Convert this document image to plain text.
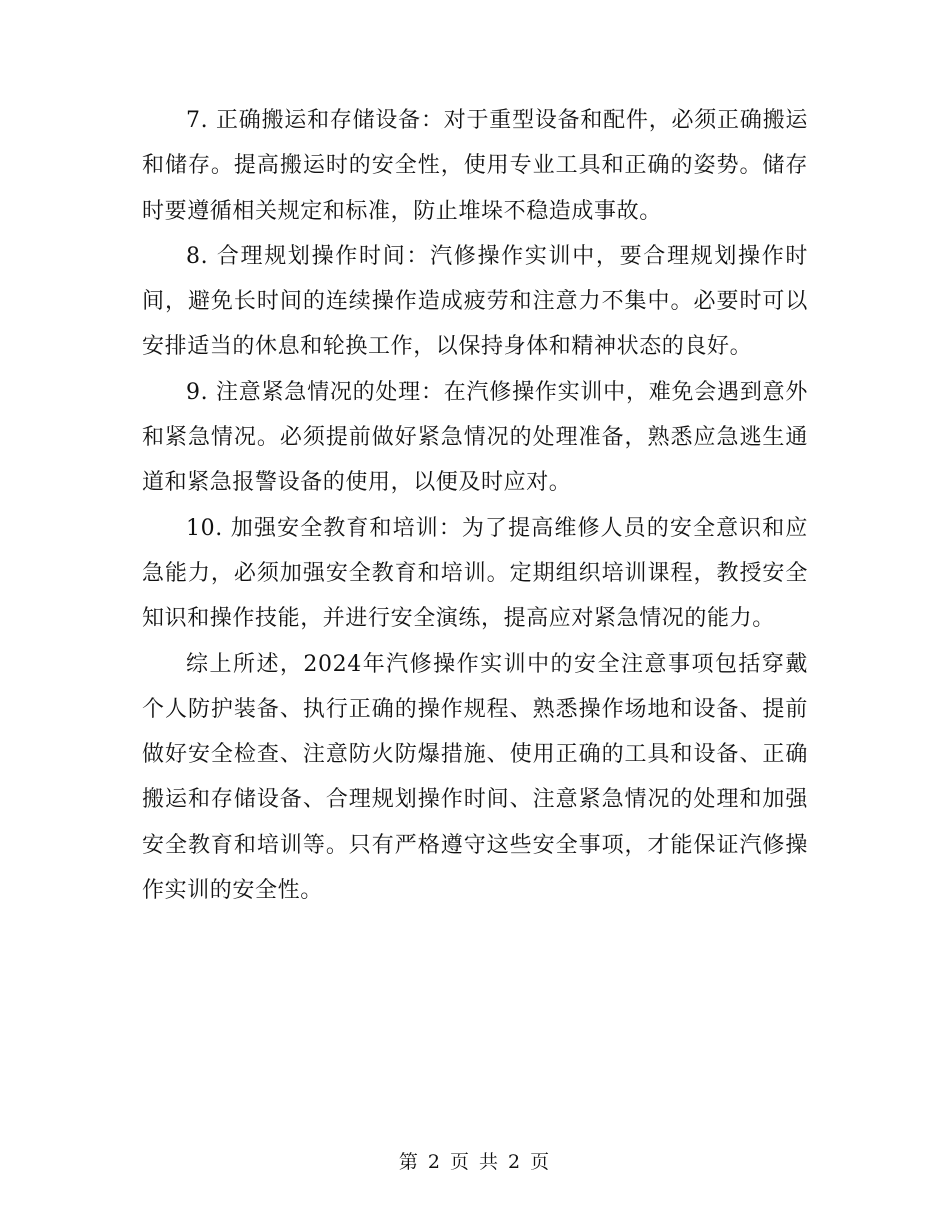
7. 正确搬运和存储设备：对于重型设备和配件，必须正确搬运和储存。提高搬运时的安全性，使用专业工具和正确的姿势。储存时要遵循相关规定和标准，防止堆垛不稳造成事故。

8. 合理规划操作时间：汽修操作实训中，要合理规划操作时间，避免长时间的连续操作造成疲劳和注意力不集中。必要时可以安排适当的休息和轮换工作，以保持身体和精神状态的良好。

9. 注意紧急情况的处理：在汽修操作实训中，难免会遇到意外和紧急情况。必须提前做好紧急情况的处理准备，熟悉应急逃生通道和紧急报警设备的使用，以便及时应对。

10. 加强安全教育和培训：为了提高维修人员的安全意识和应急能力，必须加强安全教育和培训。定期组织培训课程，教授安全知识和操作技能，并进行安全演练，提高应对紧急情况的能力。

综上所述，2024年汽修操作实训中的安全注意事项包括穿戴个人防护装备、执行正确的操作规程、熟悉操作场地和设备、提前做好安全检查、注意防火防爆措施、使用正确的工具和设备、正确搬运和存储设备、合理规划操作时间、注意紧急情况的处理和加强安全教育和培训等。只有严格遵守这些安全事项，才能保证汽修操作实训的安全性。

第 2 页 共 2 页
